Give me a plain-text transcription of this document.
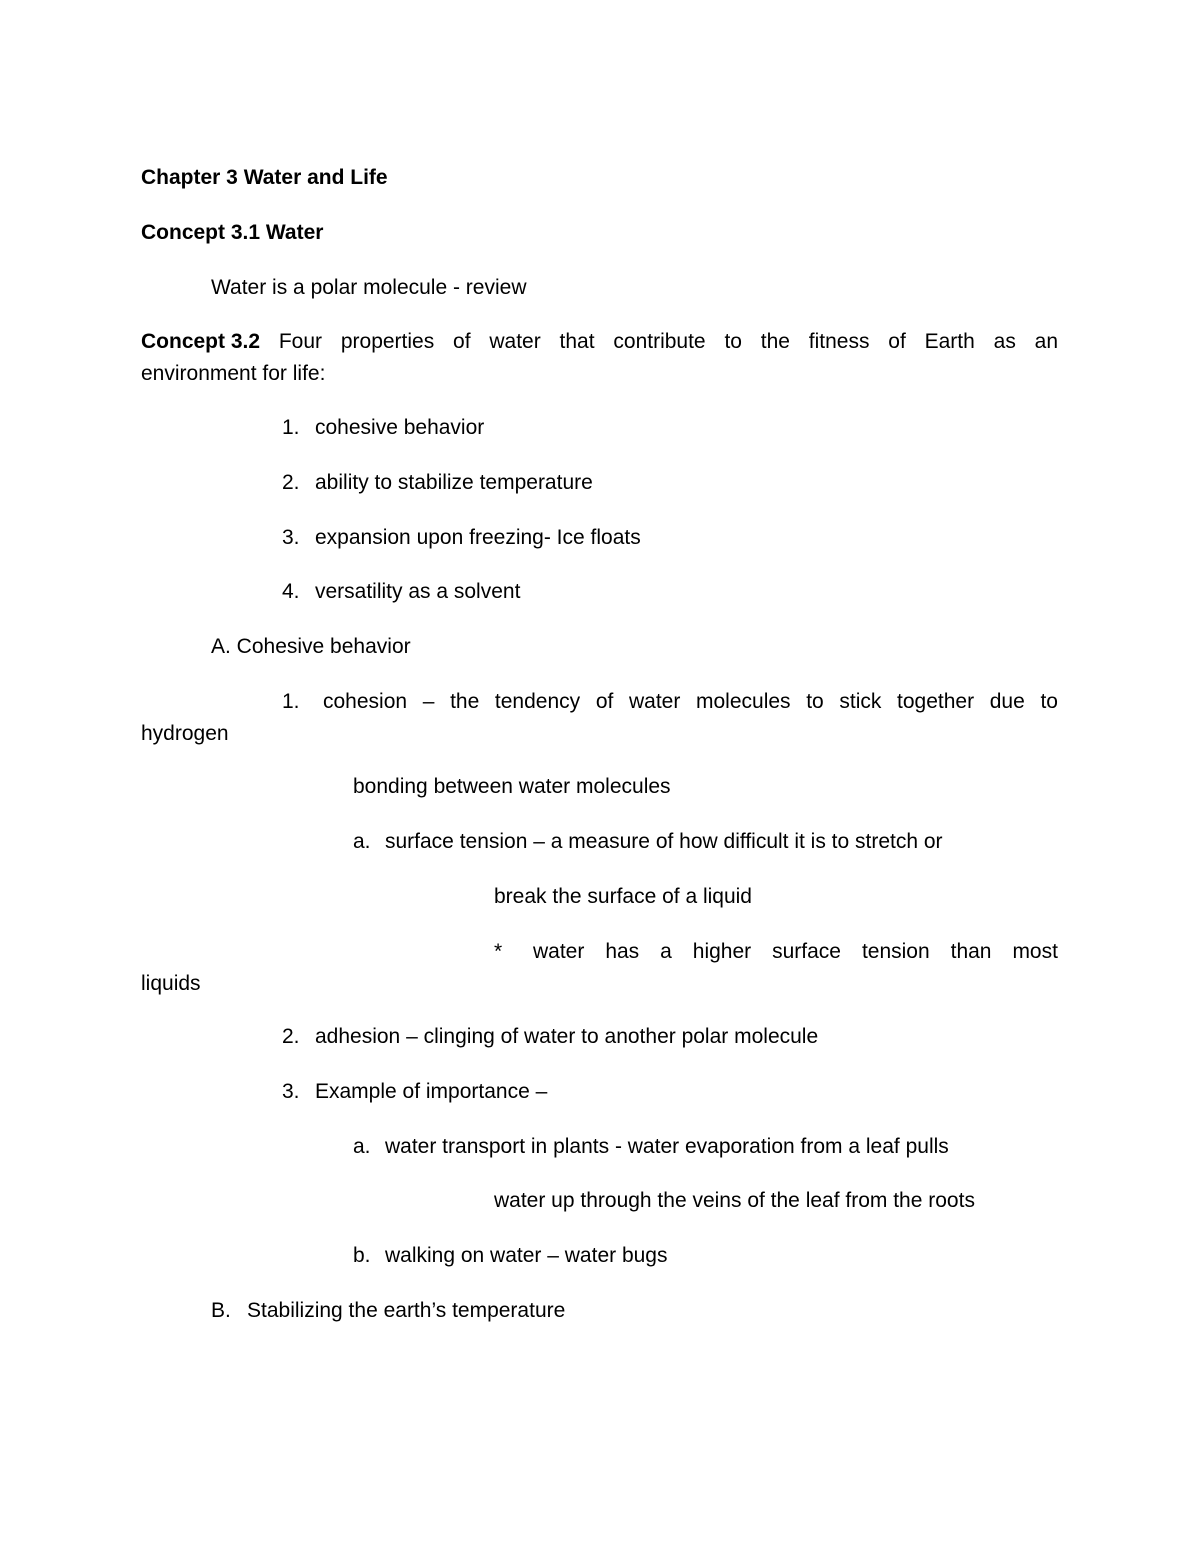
Chapter 3 Water and Life
Concept 3.1 Water
Water is a polar molecule - review
Concept 3.2 Four properties of water that contribute to the fitness of Earth as an
environment for life:
1. cohesive behavior
2. ability to stabilize temperature
3. expansion upon freezing- Ice floats
4. versatility as a solvent
A. Cohesive behavior
1. cohesion – the tendency of water molecules to stick together due to
hydrogen
bonding between water molecules
a. surface tension – a measure of how difficult it is to stretch or
break the surface of a liquid
* water has a higher surface tension than most
liquids
2. adhesion – clinging of water to another polar molecule
3. Example of importance –
a. water transport in plants - water evaporation from a leaf pulls
water up through the veins of the leaf from the roots
b. walking on water – water bugs
B. Stabilizing the earth’s temperature
